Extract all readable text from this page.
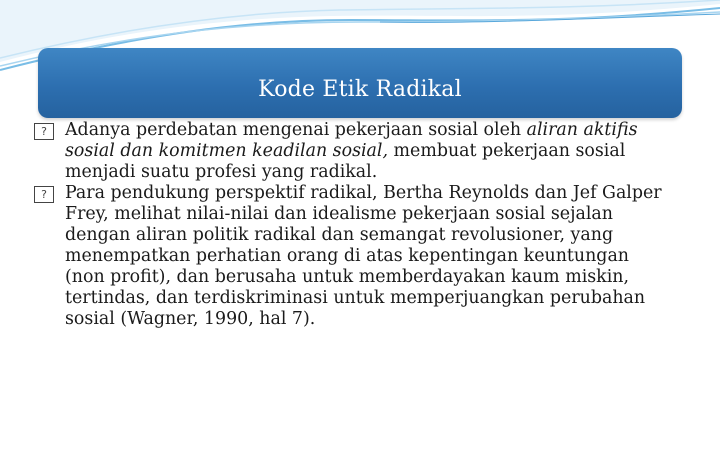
Kode Etik Radikal

?	Adanya perdebatan mengenai pekerjaan sosial oleh aliran aktifis sosial dan komitmen keadilan sosial, membuat pekerjaan sosial menjadi suatu profesi yang radikal.

?	Para pendukung perspektif radikal, Bertha Reynolds dan Jef Galper Frey, melihat nilai-nilai dan idealisme pekerjaan sosial sejalan dengan aliran politik radikal dan semangat revolusioner, yang menempatkan perhatian orang di atas kepentingan keuntungan (non profit), dan berusaha untuk memberdayakan kaum miskin, tertindas, dan terdiskriminasi untuk memperjuangkan perubahan sosial (Wagner, 1990, hal 7).
